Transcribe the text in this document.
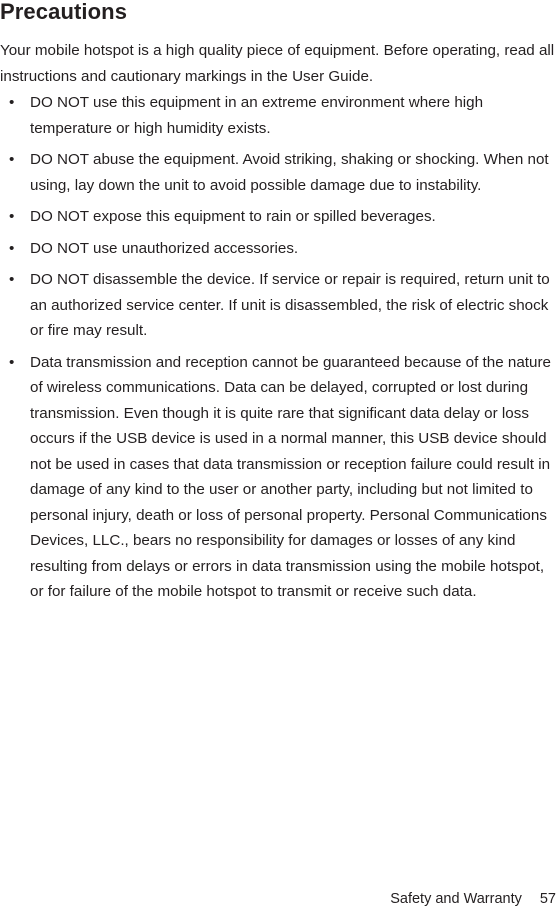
Precautions

Your mobile hotspot is a high quality piece of equipment. Before operating, read all instructions and cautionary markings in the User Guide.

• DO NOT use this equipment in an extreme environment where high temperature or high humidity exists.
• DO NOT abuse the equipment. Avoid striking, shaking or shocking. When not using, lay down the unit to avoid possible damage due to instability.
• DO NOT expose this equipment to rain or spilled beverages.
• DO NOT use unauthorized accessories.
• DO NOT disassemble the device. If service or repair is required, return unit to an authorized service center. If unit is disassembled, the risk of electric shock or fire may result.
• Data transmission and reception cannot be guaranteed because of the nature of wireless communications. Data can be delayed, corrupted or lost during transmission. Even though it is quite rare that significant data delay or loss occurs if the USB device is used in a normal manner, this USB device should not be used in cases that data transmission or reception failure could result in damage of any kind to the user or another party, including but not limited to personal injury, death or loss of personal property. Personal Communications Devices, LLC., bears no responsibility for damages or losses of any kind resulting from delays or errors in data transmission using the mobile hotspot, or for failure of the mobile hotspot to transmit or receive such data.
Safety and Warranty 57
